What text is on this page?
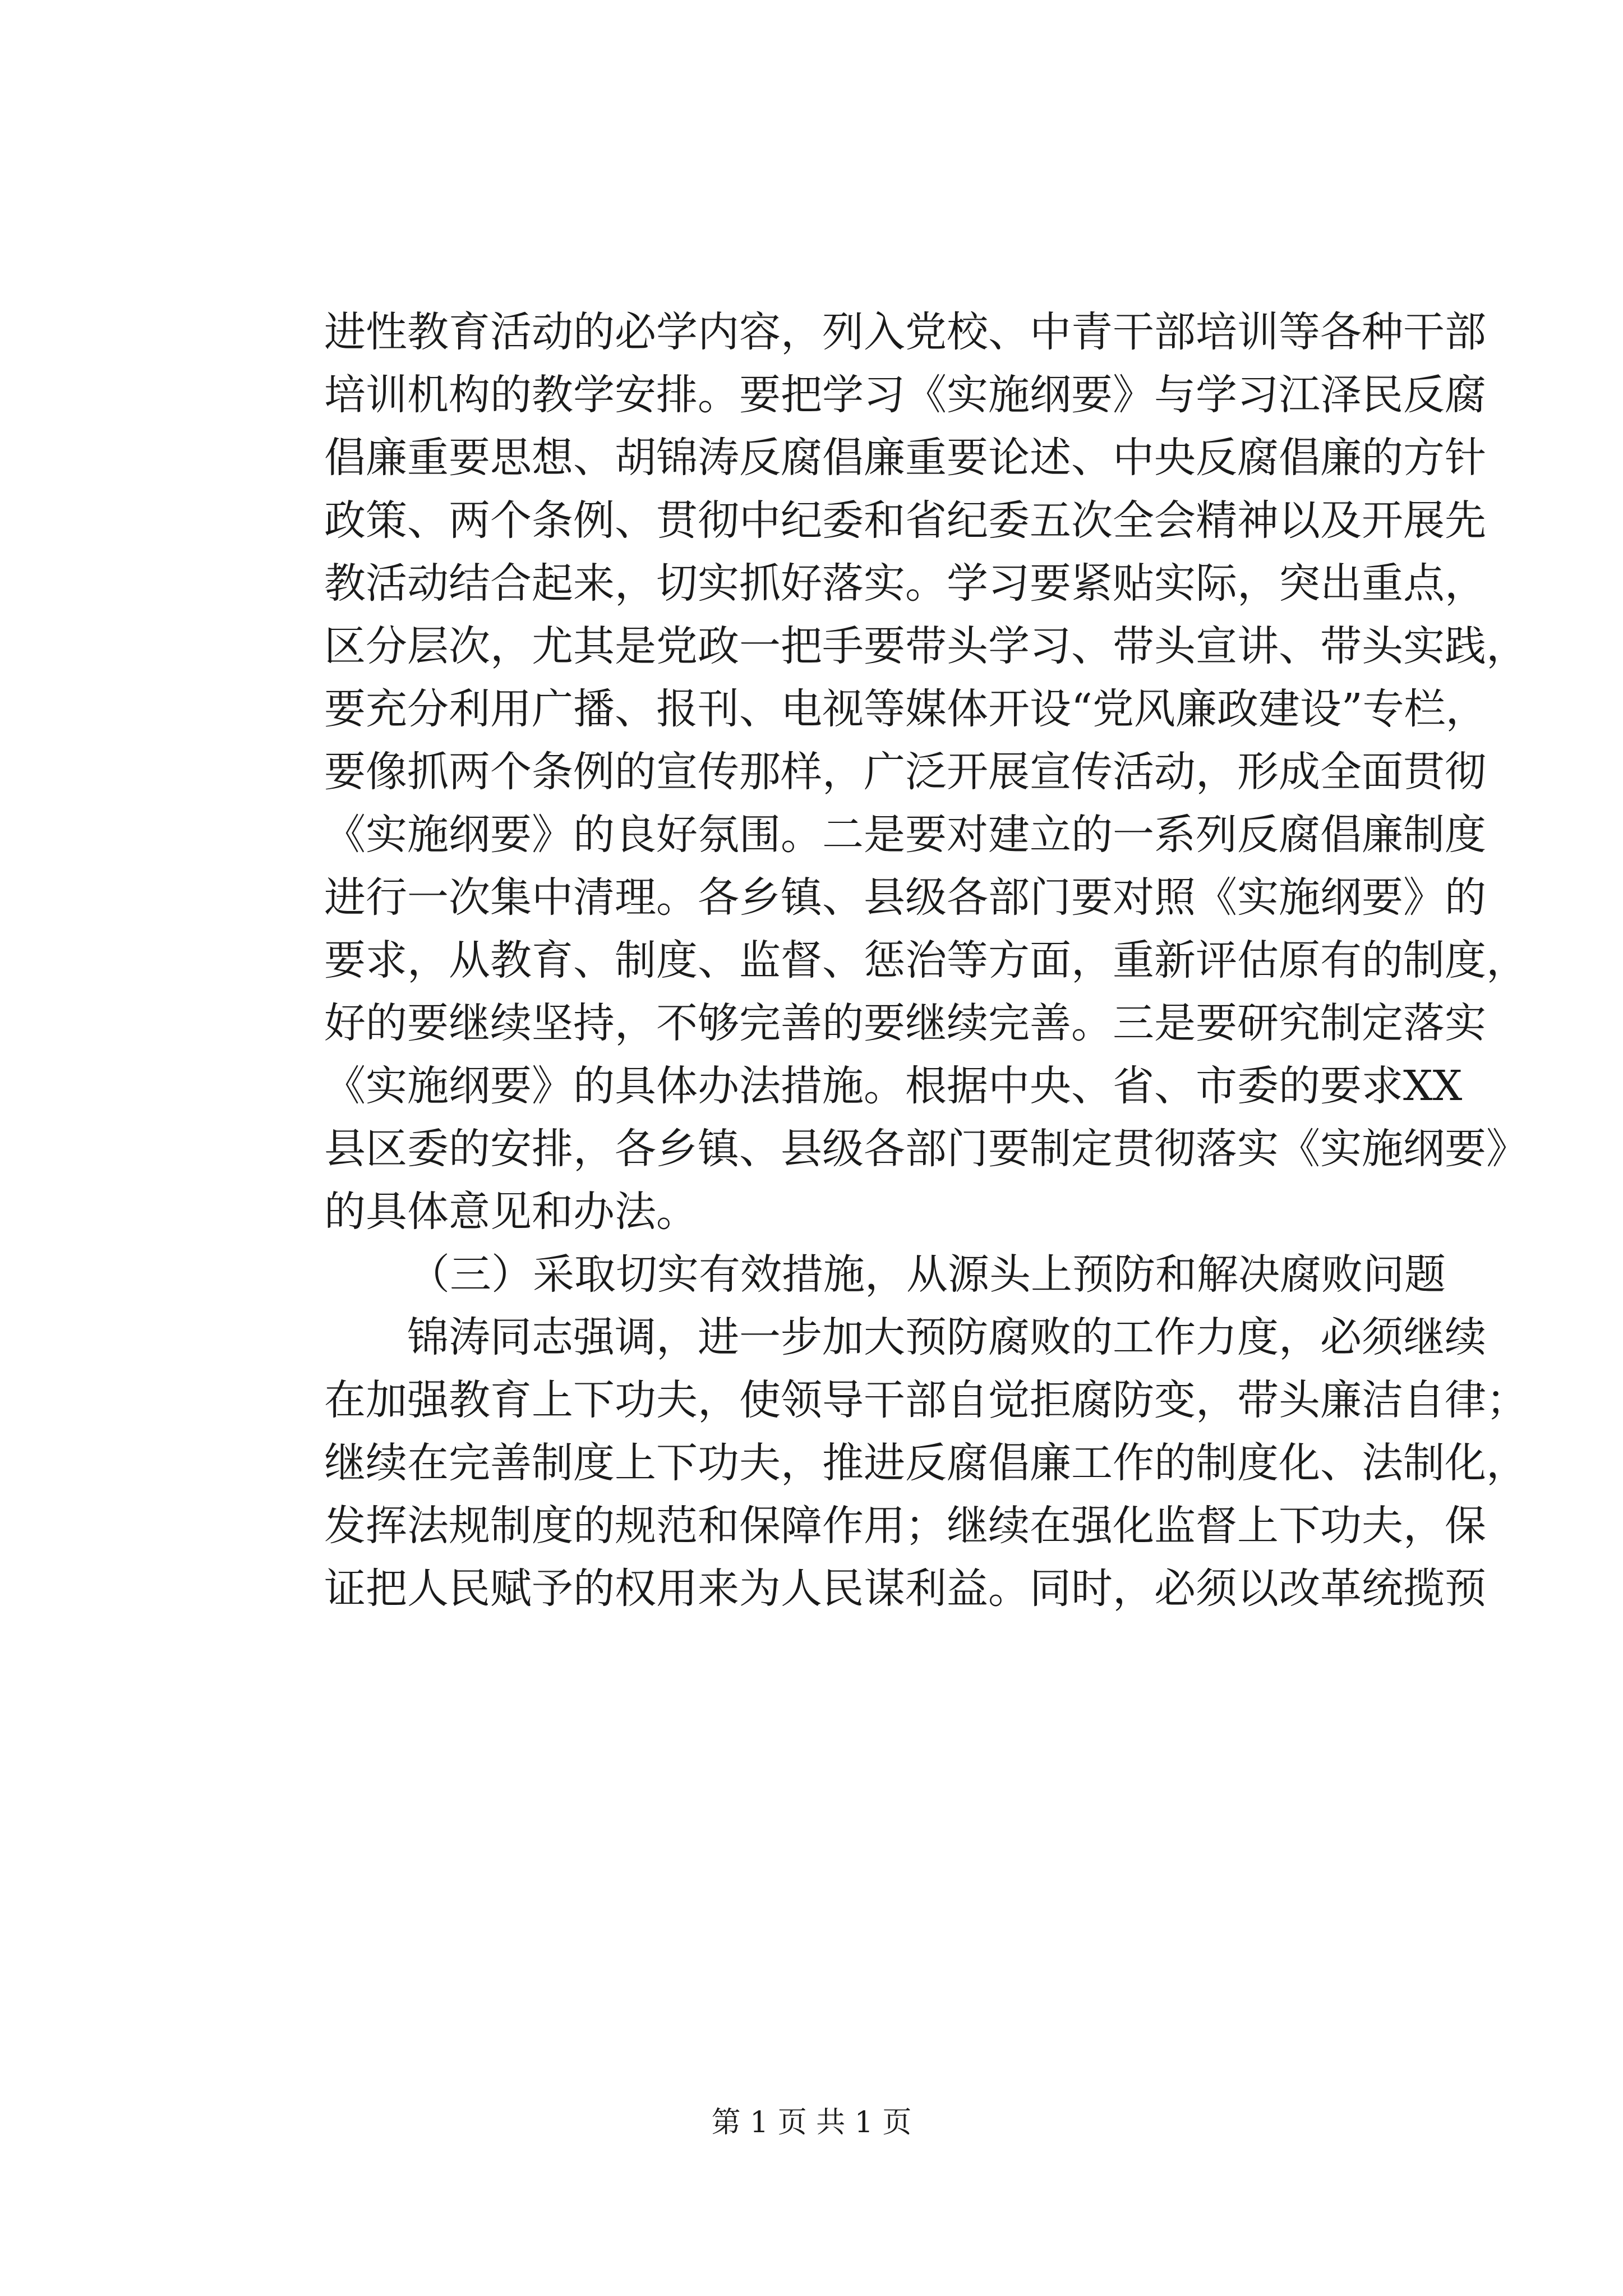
进性教育活动的必学内容，列入党校、中青干部培训等各种干部
培训机构的教学安排。要把学习《实施纲要》与学习江泽民反腐
倡廉重要思想、胡锦涛反腐倡廉重要论述、中央反腐倡廉的方针
政策、两个条例、贯彻中纪委和省纪委五次全会精神以及开展先
教活动结合起来，切实抓好落实。学习要紧贴实际，突出重点，
区分层次，尤其是党政一把手要带头学习、带头宣讲、带头实践，
要充分利用广播、报刊、电视等媒体开设“党风廉政建设”专栏，
要像抓两个条例的宣传那样，广泛开展宣传活动，形成全面贯彻
《实施纲要》的良好氛围。二是要对建立的一系列反腐倡廉制度
进行一次集中清理。各乡镇、县级各部门要对照《实施纲要》的
要求，从教育、制度、监督、惩治等方面，重新评估原有的制度，
好的要继续坚持，不够完善的要继续完善。三是要研究制定落实
《实施纲要》的具体办法措施。根据中央、省、市委的要求XX
县区委的安排，各乡镇、县级各部门要制定贯彻落实《实施纲要》
的具体意见和办法。
（三）采取切实有效措施，从源头上预防和解决腐败问题
锦涛同志强调，进一步加大预防腐败的工作力度，必须继续
在加强教育上下功夫，使领导干部自觉拒腐防变，带头廉洁自律；
继续在完善制度上下功夫，推进反腐倡廉工作的制度化、法制化，
发挥法规制度的规范和保障作用；继续在强化监督上下功夫，保
证把人民赋予的权用来为人民谋利益。同时，必须以改革统揽预
第 1 页 共 1 页
